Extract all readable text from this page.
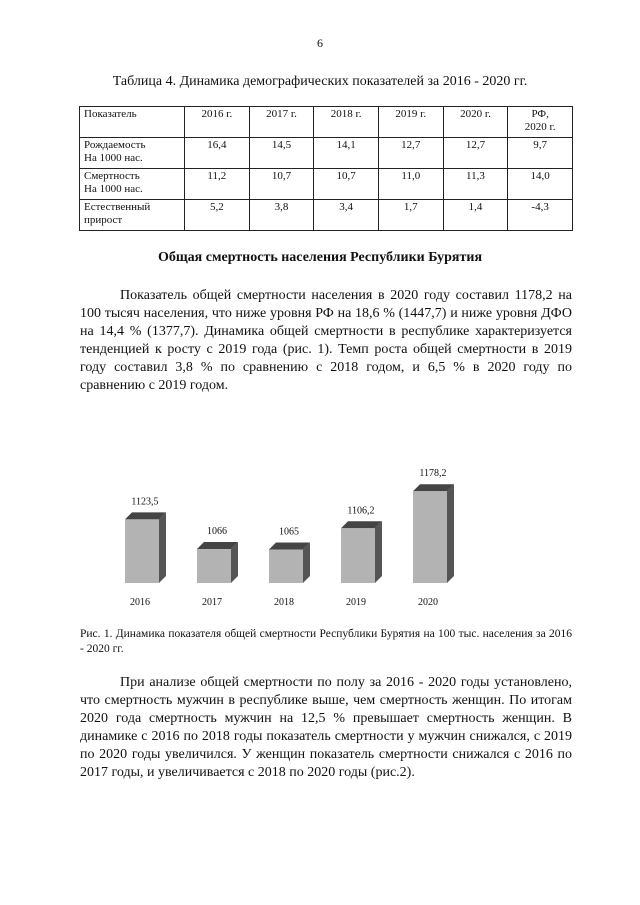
6
Таблица 4. Динамика демографических показателей за 2016 - 2020 гг.
Показатель	2016 г.	2017 г.	2018 г.	2019 г.	2020 г.	РФ,
2020 г.
Рождаемость
На 1000 нас.	16,4	14,5	14,1	12,7	12,7	9,7
Смертность
На 1000 нас.	11,2	10,7	10,7	11,0	11,3	14,0
Естественный
прирост	5,2	3,8	3,4	1,7	1,4	-4,3
Общая смертность населения Республики Бурятия
Показатель общей смертности населения в 2020 году составил 1178,2 на 100 тысяч населения, что ниже уровня РФ на 18,6 % (1447,7) и ниже уровня ДФО на 14,4 % (1377,7). Динамика общей смертности в республике характеризуется тенденцией к росту с 2019 года (рис. 1). Темп роста общей смертности в 2019 году составил 3,8 % по сравнению с 2018 годом, и 6,5 % в 2020 году по сравнению с 2019 годом.
1123,5
2016
1066
2017
1065
2018
1106,2
2019
1178,2
2020
Рис. 1. Динамика показателя общей смертности Республики Бурятия на 100 тыс. населения за 2016 - 2020 гг.
При анализе общей смертности по полу за 2016 - 2020 годы установлено, что смертность мужчин в республике выше, чем смертность женщин. По итогам 2020 года смертность мужчин на 12,5 % превышает смертность женщин. В динамике с 2016 по 2018 годы показатель смертности у мужчин снижался, с 2019 по 2020 годы увеличился. У женщин показатель смертности снижался с 2016 по 2017 годы, и увеличивается с 2018 по 2020 годы (рис.2).
